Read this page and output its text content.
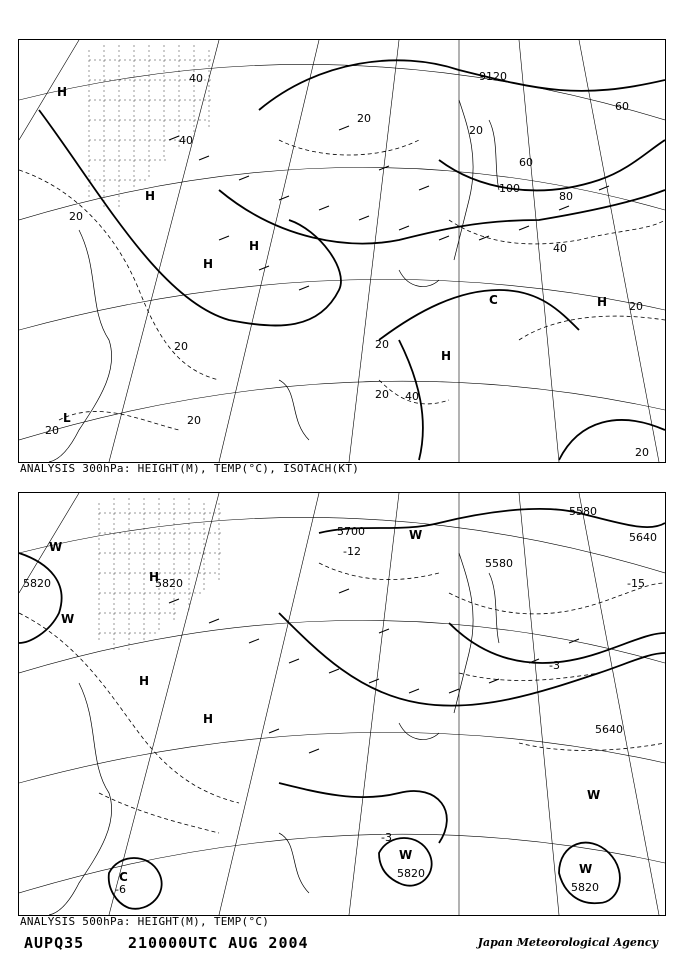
H
H
H
H
H
H
C
L
9120
40
40
20
20
20
20
20
20
20
60
80
100
60
40
20
20
40
20
ANALYSIS 300hPa: HEIGHT(M), TEMP(°C), ISOTACH(KT)
W
W
W
H
H
H
C
W
W
W
5820	5820
5700
5580
5580
5640
5640
-15
-12
-3
-3
5820
5820
-6
ANALYSIS 500hPa: HEIGHT(M), TEMP(°C)
AUPQ35	210000UTC AUG 2004	Japan Meteorological Agency
